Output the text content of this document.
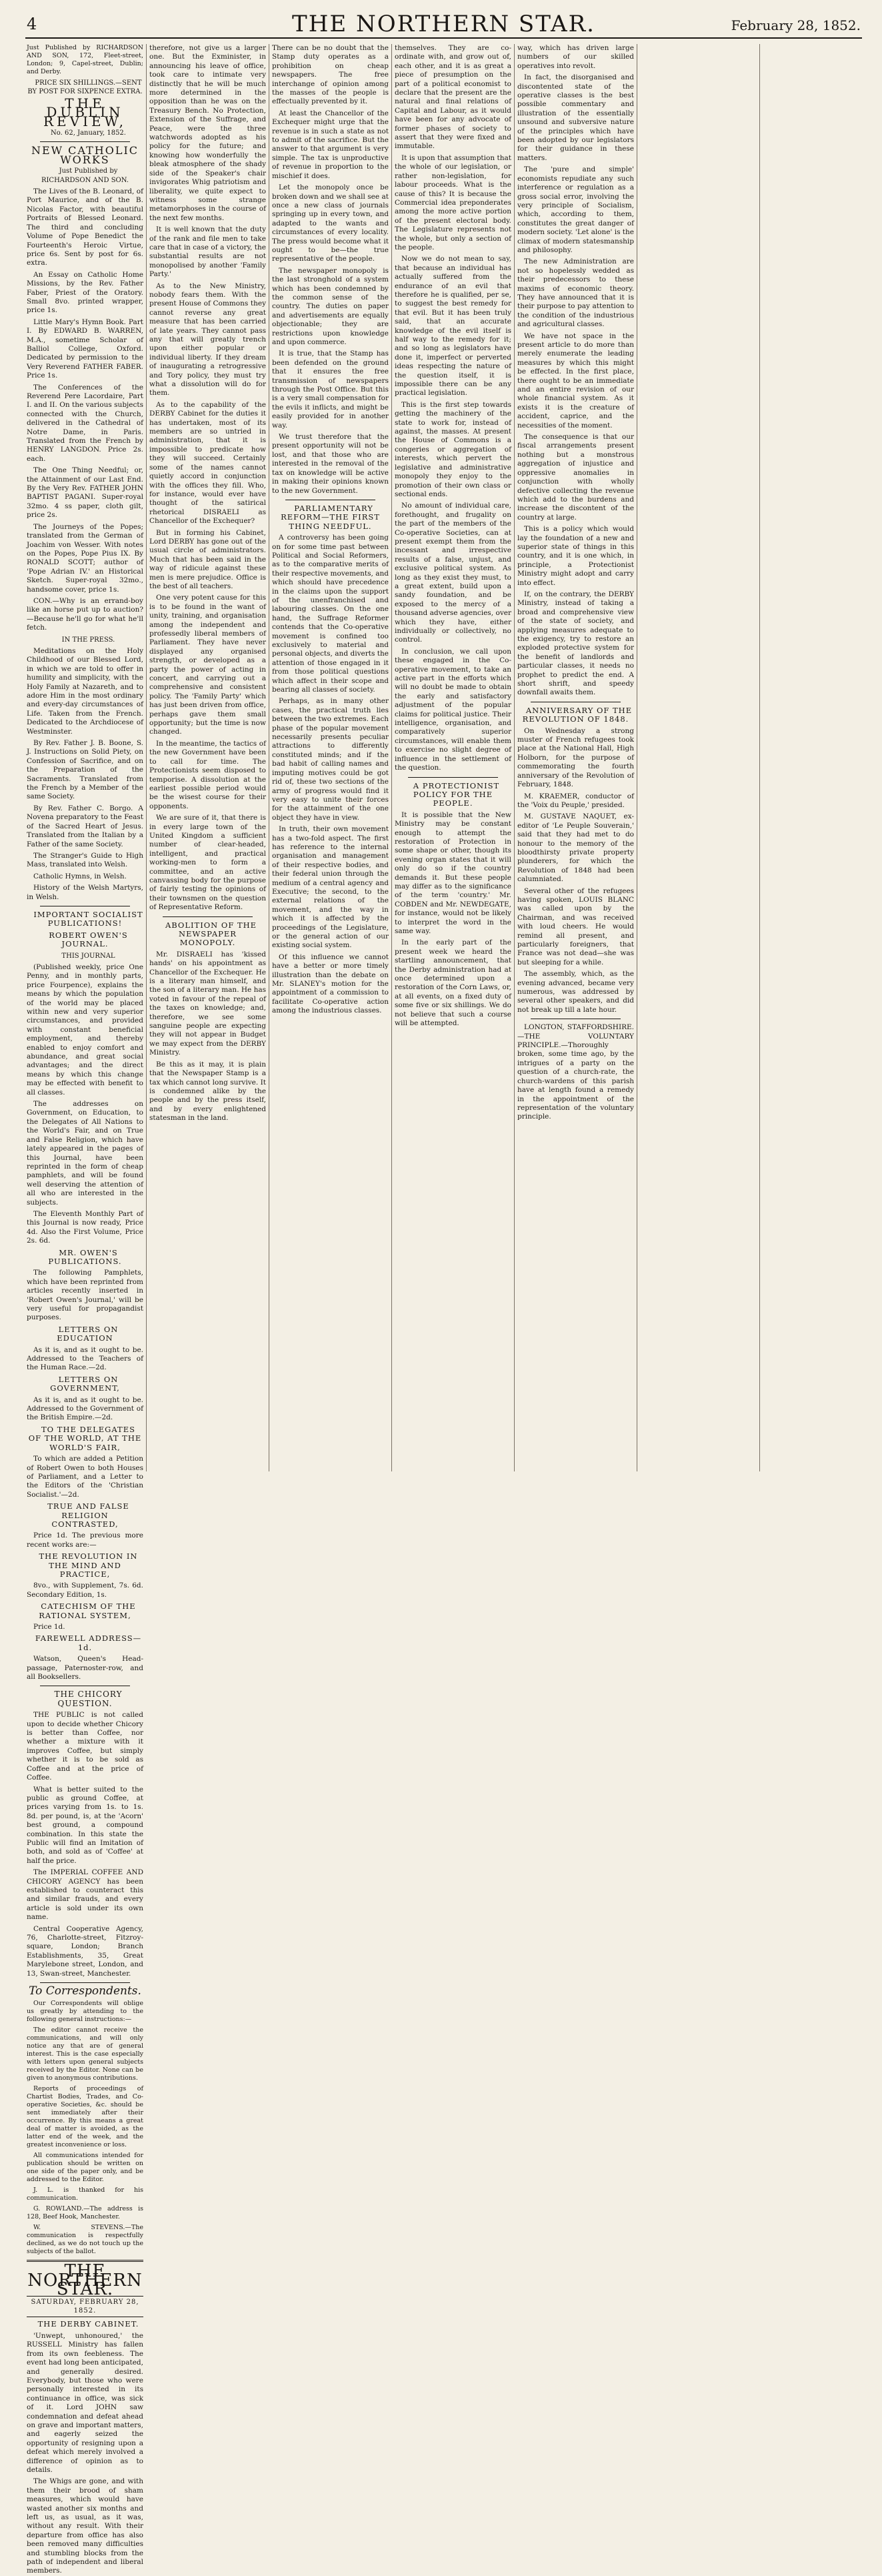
4	THE NORTHERN STAR.	February 28, 1852.

Just Published by RICHARDSON AND SON, 172, Fleet-street, London; 9, Capel-street, Dublin; and Derby.

PRICE SIX SHILLINGS.—SENT BY POST FOR SIXPENCE EXTRA.

THE DUBLIN REVIEW,

No. 62, January, 1852.

NEW CATHOLIC WORKS

Just Published by RICHARDSON AND SON.

The Lives of the B. Leonard, of Port Maurice, and of the B. Nicolas Factor, with beautiful Portraits of Blessed Leonard. The third and concluding Volume of Pope Benedict the Fourteenth's Heroic Virtue, price 6s. Sent by post for 6s. extra.

An Essay on Catholic Home Missions, by the Rev. Father Faber, Priest of the Oratory. Small 8vo. printed wrapper, price 1s.

Little Mary's Hymn Book. Part I. By EDWARD B. WARREN, M.A., sometime Scholar of Balliol College, Oxford. Dedicated by permission to the Very Reverend FATHER FABER. Price 1s.

The Conferences of the Reverend Pere Lacordaire, Part I. and II. On the various subjects connected with the Church, delivered in the Cathedral of Notre Dame, in Paris. Translated from the French by HENRY LANGDON. Price 2s. each.

The One Thing Needful; or, the Attainment of our Last End. By the Very Rev. FATHER JOHN BAPTIST PAGANI. Super-royal 32mo. 4 ss paper, cloth gilt, price 2s.

The Journeys of the Popes; translated from the German of Joachim von Wesser. With notes on the Popes, Pope Pius IX. By RONALD SCOTT; author of 'Pope Adrian IV.' an Historical Sketch. Super-royal 32mo., handsome cover, price 1s.

CON.—Why is an errand-boy like an horse put up to auction?—Because he'll go for what he'll fetch.

IN THE PRESS.

Meditations on the Holy Childhood of our Blessed Lord, in which we are told to offer in humility and simplicity, with the Holy Family at Nazareth, and to adore Him in the most ordinary and every-day circumstances of Life. Taken from the French. Dedicated to the Archdiocese of Westminster.

By Rev. Father J. B. Boone, S. J. Instructions on Solid Piety, on Confession of Sacrifice, and on the Preparation of the Sacraments. Translated from the French by a Member of the same Society.

By Rev. Father C. Borgo. A Novena preparatory to the Feast of the Sacred Heart of Jesus. Translated from the Italian by a Father of the same Society.

The Stranger's Guide to High Mass, translated into Welsh.

Catholic Hymns, in Welsh.

History of the Welsh Martyrs, in Welsh.

IMPORTANT SOCIALIST PUBLICATIONS!

ROBERT OWEN'S JOURNAL.

THIS JOURNAL

(Published weekly, price One Penny, and in monthly parts, price Fourpence), explains the means by which the population of the world may be placed within new and very superior circumstances, and provided with constant beneficial employment, and thereby enabled to enjoy comfort and abundance, and great social advantages; and the direct means by which this change may be effected with benefit to all classes.

The addresses on Government, on Education, to the Delegates of All Nations to the World's Fair, and on True and False Religion, which have lately appeared in the pages of this Journal, have been reprinted in the form of cheap pamphlets, and will be found well deserving the attention of all who are interested in the subjects.

The Eleventh Monthly Part of this Journal is now ready, Price 4d. Also the First Volume, Price 2s. 6d.

MR. OWEN'S PUBLICATIONS.

The following Pamphlets, which have been reprinted from articles recently inserted in 'Robert Owen's Journal,' will be very useful for propagandist purposes.

LETTERS ON EDUCATION

As it is, and as it ought to be. Addressed to the Teachers of the Human Race.—2d.

LETTERS ON GOVERNMENT,

As it is, and as it ought to be. Addressed to the Government of the British Empire.—2d.

TO THE DELEGATES OF THE WORLD, AT THE WORLD'S FAIR,

To which are added a Petition of Robert Owen to both Houses of Parliament, and a Letter to the Editors of the 'Christian Socialist.'—2d.

TRUE AND FALSE RELIGION CONTRASTED,

Price 1d. The previous more recent works are:—

THE REVOLUTION IN THE MIND AND PRACTICE,

8vo., with Supplement, 7s. 6d. Secondary Edition, 1s.

CATECHISM OF THE RATIONAL SYSTEM,

Price 1d.

FAREWELL ADDRESS—1d.

Watson, Queen's Head-passage, Paternoster-row, and all Booksellers.

THE CHICORY QUESTION.

THE PUBLIC is not called upon to decide whether Chicory is better than Coffee, nor whether a mixture with it improves Coffee, but simply whether it is to be sold as Coffee and at the price of Coffee.

What is better suited to the public as ground Coffee, at prices varying from 1s. to 1s. 8d. per pound, is, at the 'Acorn' best ground, a compound combination. In this state the Public will find an Imitation of both, and sold as of 'Coffee' at half the price.

The IMPERIAL COFFEE AND CHICORY AGENCY has been established to counteract this and similar frauds, and every article is sold under its own name.

Central Cooperative Agency, 76, Charlotte-street, Fitzroy-square, London; Branch Establishments, 35, Great Marylebone street, London, and 13, Swan-street, Manchester.

To Correspondents.

Our Correspondents will oblige us greatly by attending to the following general instructions:—

The editor cannot receive the communications, and will only notice any that are of general interest. This is the case especially with letters upon general subjects received by the Editor. None can be given to anonymous contributions.

Reports of proceedings of Chartist Bodies, Trades, and Co-operative Societies, &c. should be sent immediately after their occurrence. By this means a great deal of matter is avoided, as the latter end of the week, and the greatest inconvenience or loss.

All communications intended for publication should be written on one side of the paper only, and be addressed to the Editor.

J. L. is thanked for his communication.

G. ROWLAND.—The address is 128, Beef Hook, Manchester.

W. STEVENS.—The communication is respectfully declined, as we do not touch up the subjects of the ballot.

THE NORTHERN STAR.
SATURDAY, FEBRUARY 28, 1852.

THE DERBY CABINET.

'Unwept, unhonoured,' the RUSSELL Ministry has fallen from its own feebleness. The event had long been anticipated, and generally desired. Everybody, but those who were personally interested in its continuance in office, was sick of it. Lord JOHN saw condemnation and defeat ahead on grave and important matters, and eagerly seized the opportunity of resigning upon a defeat which merely involved a difference of opinion as to details.

The Whigs are gone, and with them their brood of sham measures, which would have wasted another six months and left us, as usual, as it was, without any result. With their departure from office has also been removed many difficulties and stumbling blocks from the path of independent and liberal members.

therefore, not give us a larger one. But the Exminister, in announcing his leave of office, took care to intimate very distinctly that he will be much more determined in the opposition than he was on the Treasury Bench. No Protection, Extension of the Suffrage, and Peace, were the three watchwords adopted as his policy for the future; and knowing how wonderfully the bleak atmosphere of the shady side of the Speaker's chair invigorates Whig patriotism and liberality, we quite expect to witness some strange metamorphoses in the course of the next few months.

It is well known that the duty of the rank and file men to take care that in case of a victory, the substantial results are not monopolised by another 'Family Party.'

As to the New Ministry, nobody fears them. With the present House of Commons they cannot reverse any great measure that has been carried of late years. They cannot pass any that will greatly trench upon either popular or individual liberty. If they dream of inaugurating a retrogressive and Tory policy, they must try what a dissolution will do for them.

As to the capability of the DERBY Cabinet for the duties it has undertaken, most of its members are so untried in administration, that it is impossible to predicate how they will succeed. Certainly some of the names cannot quietly accord in conjunction with the offices they fill. Who, for instance, would ever have thought of the satirical rhetorical DISRAELI as Chancellor of the Exchequer?

But in forming his Cabinet, Lord DERBY has gone out of the usual circle of administrators. Much that has been said in the way of ridicule against these men is mere prejudice. Office is the best of all teachers.

One very potent cause for this is to be found in the want of unity, training, and organisation among the independent and professedly liberal members of Parliament. They have never displayed any organised strength, or developed as a party the power of acting in concert, and carrying out a comprehensive and consistent policy. The 'Family Party' which has just been driven from office, perhaps gave them small opportunity; but the time is now changed.

In the meantime, the tactics of the new Government have been to call for time. The Protectionists seem disposed to temporise. A dissolution at the earliest possible period would be the wisest course for their opponents.

We are sure of it, that there is in every large town of the United Kingdom a sufficient number of clear-headed, intelligent, and practical working-men to form a committee, and an active canvassing body for the purpose of fairly testing the opinions of their townsmen on the question of Representative Reform.

ABOLITION OF THE NEWSPAPER MONOPOLY.

Mr. DISRAELI has 'kissed hands' on his appointment as Chancellor of the Exchequer. He is a literary man himself, and the son of a literary man. He has voted in favour of the repeal of the taxes on knowledge; and, therefore, we see some sanguine people are expecting they will not appear in Budget we may expect from the DERBY Ministry.

Be this as it may, it is plain that the Newspaper Stamp is a tax which cannot long survive. It is condemned alike by the people and by the press itself, and by every enlightened statesman in the land.

There can be no doubt that the Stamp duty operates as a prohibition on cheap newspapers. The free interchange of opinion among the masses of the people is effectually prevented by it.

At least the Chancellor of the Exchequer might urge that the revenue is in such a state as not to admit of the sacrifice. But the answer to that argument is very simple. The tax is unproductive of revenue in proportion to the mischief it does.

Let the monopoly once be broken down and we shall see at once a new class of journals springing up in every town, and adapted to the wants and circumstances of every locality. The press would become what it ought to be—the true representative of the people.

The newspaper monopoly is the last stronghold of a system which has been condemned by the common sense of the country. The duties on paper and advertisements are equally objectionable; they are restrictions upon knowledge and upon commerce.

It is true, that the Stamp has been defended on the ground that it ensures the free transmission of newspapers through the Post Office. But this is a very small compensation for the evils it inflicts, and might be easily provided for in another way.

We trust therefore that the present opportunity will not be lost, and that those who are interested in the removal of the tax on knowledge will be active in making their opinions known to the new Government.

PARLIAMENTARY REFORM—THE FIRST THING NEEDFUL.

A controversy has been going on for some time past between Political and Social Reformers, as to the comparative merits of their respective movements, and which should have precedence in the claims upon the support of the unenfranchised and labouring classes. On the one hand, the Suffrage Reformer contends that the Co-operative movement is confined too exclusively to material and personal objects, and diverts the attention of those engaged in it from those political questions which affect in their scope and bearing all classes of society.

Perhaps, as in many other cases, the practical truth lies between the two extremes. Each phase of the popular movement necessarily presents peculiar attractions to differently constituted minds; and if the bad habit of calling names and imputing motives could be got rid of, these two sections of the army of progress would find it very easy to unite their forces for the attainment of the one object they have in view.

In truth, their own movement has a two-fold aspect. The first has reference to the internal organisation and management of their respective bodies, and their federal union through the medium of a central agency and Executive; the second, to the external relations of the movement, and the way in which it is affected by the proceedings of the Legislature, or the general action of our existing social system.

Of this influence we cannot have a better or more timely illustration than the debate on Mr. SLANEY's motion for the appointment of a commission to facilitate Co-operative action among the industrious classes.

themselves. They are co-ordinate with, and grow out of, each other, and it is as great a piece of presumption on the part of a political economist to declare that the present are the natural and final relations of Capital and Labour, as it would have been for any advocate of former phases of society to assert that they were fixed and immutable.

It is upon that assumption that the whole of our legislation, or rather non-legislation, for labour proceeds. What is the cause of this? It is because the Commercial idea preponderates among the more active portion of the present electoral body. The Legislature represents not the whole, but only a section of the people.

Now we do not mean to say, that because an individual has actually suffered from the endurance of an evil that therefore he is qualified, per se, to suggest the best remedy for that evil. But it has been truly said, that an accurate knowledge of the evil itself is half way to the remedy for it; and so long as legislators have done it, imperfect or perverted ideas respecting the nature of the question itself, it is impossible there can be any practical legislation.

This is the first step towards getting the machinery of the state to work for, instead of against, the masses. At present the House of Commons is a congeries or aggregation of interests, which pervert the legislative and administrative monopoly they enjoy to the promotion of their own class or sectional ends.

No amount of individual care, forethought, and frugality on the part of the members of the Co-operative Societies, can at present exempt them from the incessant and irrespective results of a false, unjust, and exclusive political system. As long as they exist they must, to a great extent, build upon a sandy foundation, and be exposed to the mercy of a thousand adverse agencies, over which they have, either individually or collectively, no control.

In conclusion, we call upon these engaged in the Co-operative movement, to take an active part in the efforts which will no doubt be made to obtain the early and satisfactory adjustment of the popular claims for political justice. Their intelligence, organisation, and comparatively superior circumstances, will enable them to exercise no slight degree of influence in the settlement of the question.

A PROTECTIONIST POLICY FOR THE PEOPLE.

It is possible that the New Ministry may be constant enough to attempt the restoration of Protection in some shape or other, though its evening organ states that it will only do so if the country demands it. But these people may differ as to the significance of the term 'country.' Mr. COBDEN and Mr. NEWDEGATE, for instance, would not be likely to interpret the word in the same way.

In the early part of the present week we heard the startling announcement, that the Derby administration had at once determined upon a restoration of the Corn Laws, or, at all events, on a fixed duty of some five or six shillings. We do not believe that such a course will be attempted.

way, which has driven large numbers of our skilled operatives into revolt.

In fact, the disorganised and discontented state of the operative classes is the best possible commentary and illustration of the essentially unsound and subversive nature of the principles which have been adopted by our legislators for their guidance in these matters.

The 'pure and simple' economists repudiate any such interference or regulation as a gross social error, involving the very principle of Socialism, which, according to them, constitutes the great danger of modern society. 'Let alone' is the climax of modern statesmanship and philosophy.

The new Administration are not so hopelessly wedded as their predecessors to these maxims of economic theory. They have announced that it is their purpose to pay attention to the condition of the industrious and agricultural classes.

We have not space in the present article to do more than merely enumerate the leading measures by which this might be effected. In the first place, there ought to be an immediate and an entire revision of our whole financial system. As it exists it is the creature of accident, caprice, and the necessities of the moment.

The consequence is that our fiscal arrangements present nothing but a monstrous aggregation of injustice and oppressive anomalies in conjunction with wholly defective collecting the revenue which add to the burdens and increase the discontent of the country at large.

This is a policy which would lay the foundation of a new and superior state of things in this country, and it is one which, in principle, a Protectionist Ministry might adopt and carry into effect.

If, on the contrary, the DERBY Ministry, instead of taking a broad and comprehensive view of the state of society, and applying measures adequate to the exigency, try to restore an exploded protective system for the benefit of landlords and particular classes, it needs no prophet to predict the end. A short shrift, and speedy downfall awaits them.

ANNIVERSARY OF THE REVOLUTION OF 1848.

On Wednesday a strong muster of French refugees took place at the National Hall, High Holborn, for the purpose of commemorating the fourth anniversary of the Revolution of February, 1848.

M. KRAEMER, conductor of the 'Voix du Peuple,' presided.

M. GUSTAVE NAQUET, ex-editor of 'Le Peuple Souverain,' said that they had met to do honour to the memory of the bloodthirsty private property plunderers, for which the Revolution of 1848 had been calumniated.

Several other of the refugees having spoken, LOUIS BLANC was called upon by the Chairman, and was received with loud cheers. He would remind all present, and particularly foreigners, that France was not dead—she was but sleeping for a while.

The assembly, which, as the evening advanced, became very numerous, was addressed by several other speakers, and did not break up till a late hour.

LONGTON, STAFFORDSHIRE.—THE VOLUNTARY PRINCIPLE.—Thoroughly broken, some time ago, by the intrigues of a party on the question of a church-rate, the church-wardens of this parish have at length found a remedy in the appointment of the representation of the voluntary principle.
